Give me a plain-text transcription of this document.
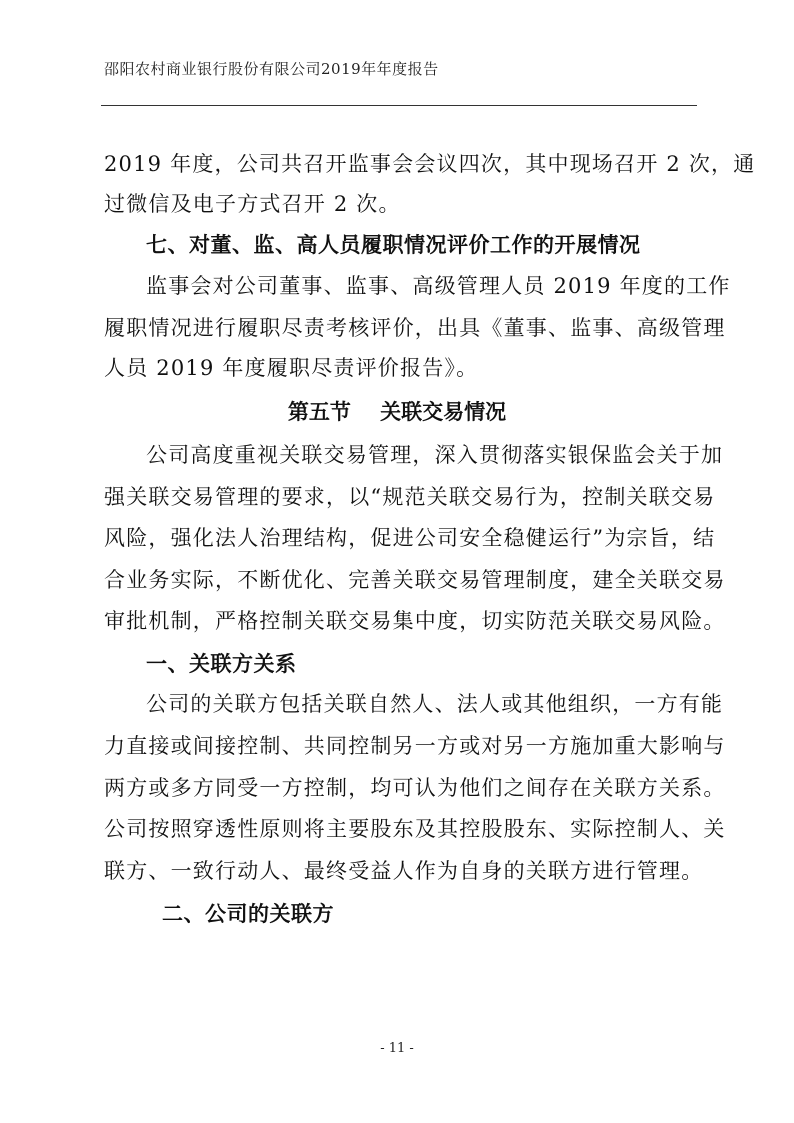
邵阳农村商业银行股份有限公司2019年年度报告
2019 年度，公司共召开监事会会议四次，其中现场召开 2 次，通
过微信及电子方式召开 2 次。
七、对董、监、高人员履职情况评价工作的开展情况
监事会对公司董事、监事、高级管理人员 2019 年度的工作
履职情况进行履职尽责考核评价，出具《董事、监事、高级管理
人员 2019 年度履职尽责评价报告》。
第五节    关联交易情况
公司高度重视关联交易管理，深入贯彻落实银保监会关于加
强关联交易管理的要求，以“规范关联交易行为，控制关联交易
风险，强化法人治理结构，促进公司安全稳健运行”为宗旨，结
合业务实际，不断优化、完善关联交易管理制度，建全关联交易
审批机制，严格控制关联交易集中度，切实防范关联交易风险。
一、关联方关系
公司的关联方包括关联自然人、法人或其他组织，一方有能
力直接或间接控制、共同控制另一方或对另一方施加重大影响与
两方或多方同受一方控制，均可认为他们之间存在关联方关系。
公司按照穿透性原则将主要股东及其控股股东、实际控制人、关
联方、一致行动人、最终受益人作为自身的关联方进行管理。
二、公司的关联方
- 11 -
